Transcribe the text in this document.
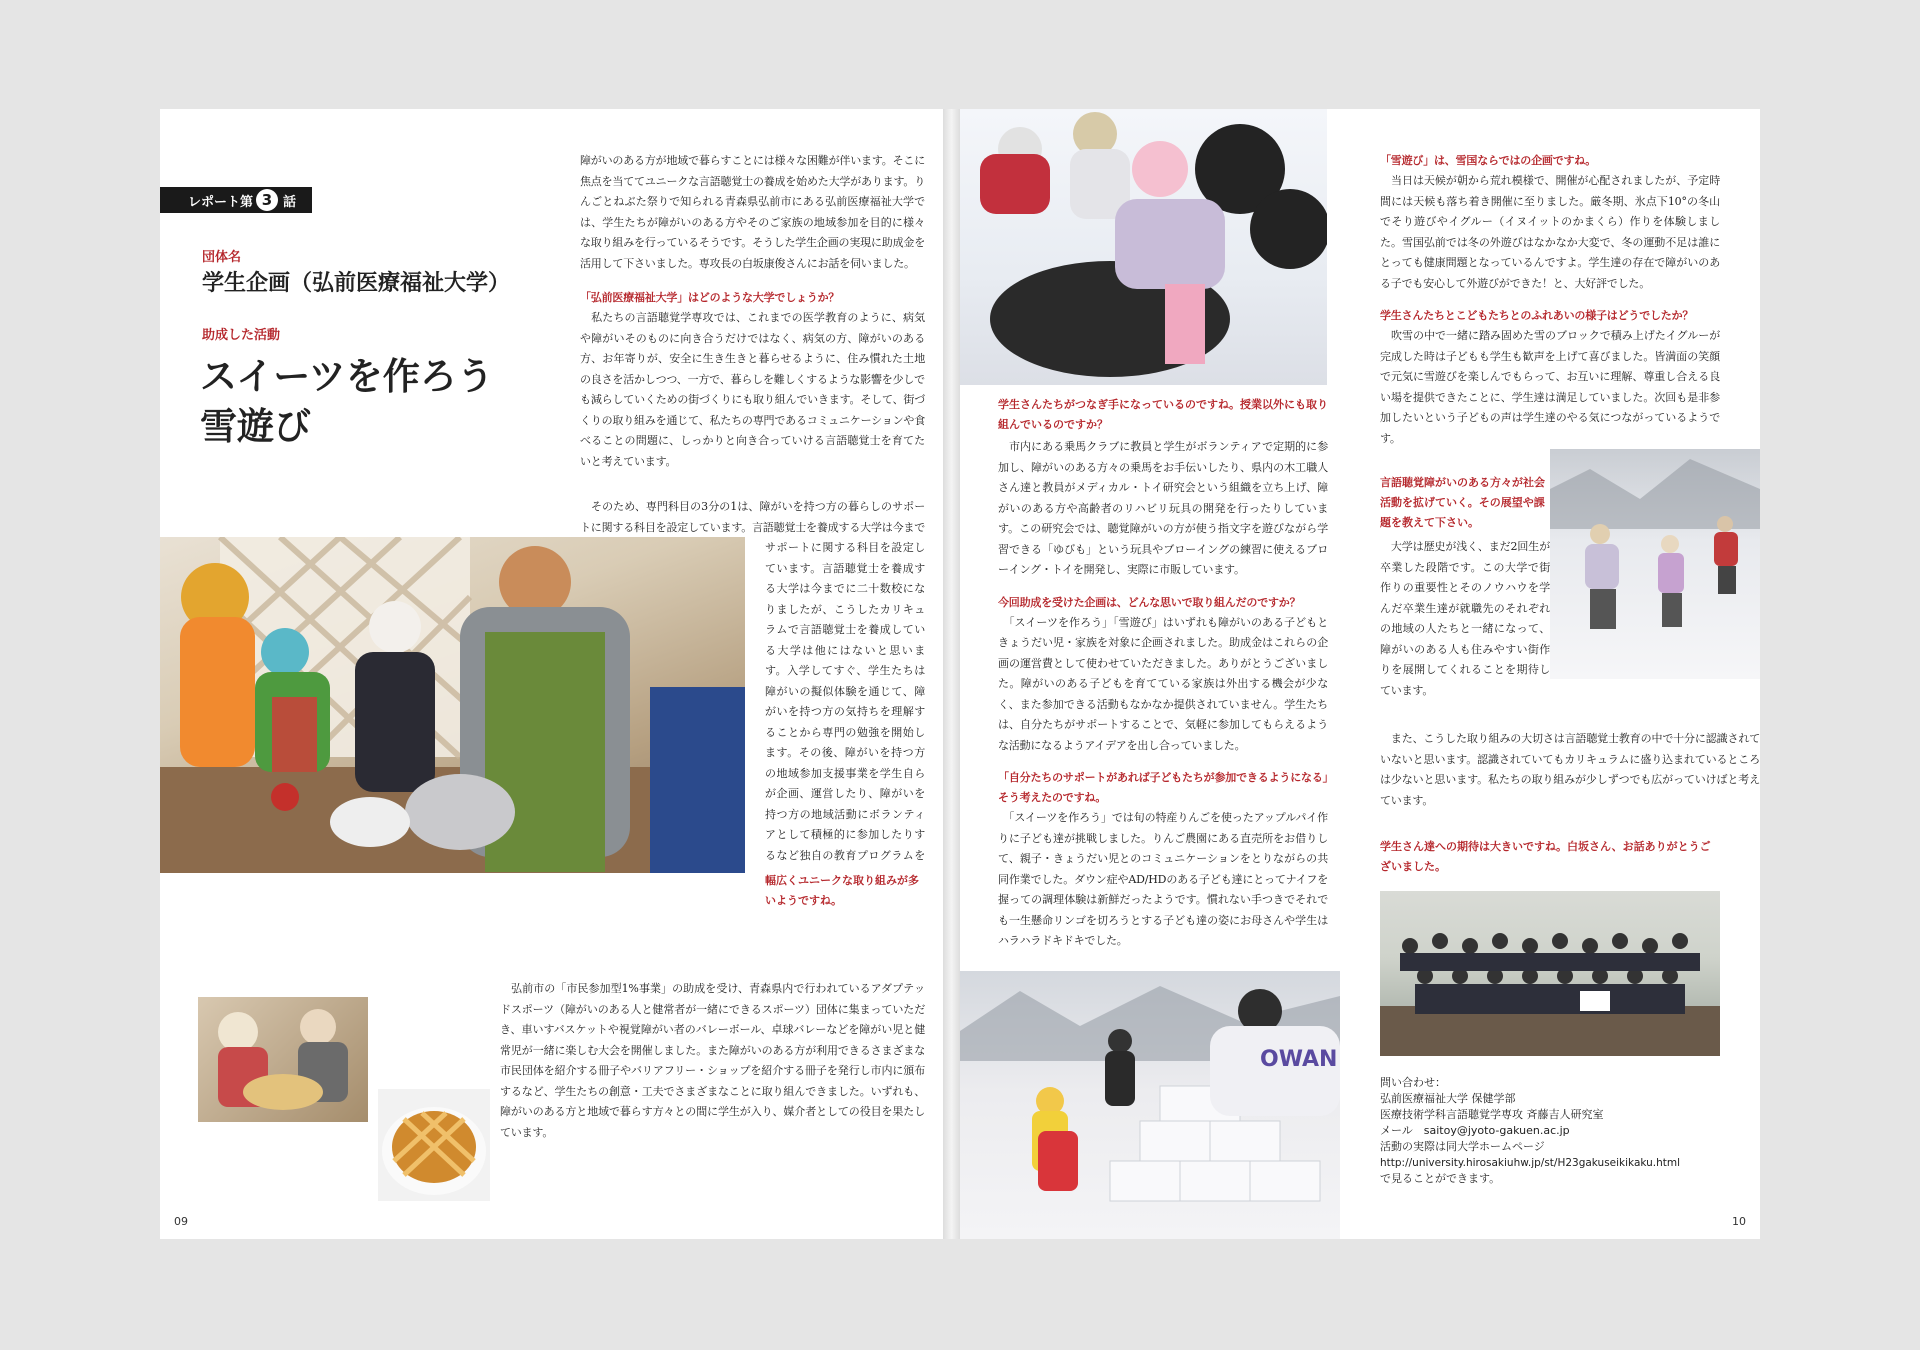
レポート第 3 話
団体名
学生企画（弘前医療福祉大学）
助成した活動
スイーツを作ろう
雪遊び
障がいのある方が地域で暮らすことには様々な困難が伴います。そこに焦点を当ててユニークな言語聴覚士の養成を始めた大学があります。りんごとねぶた祭りで知られる青森県弘前市にある弘前医療福祉大学では、学生たちが障がいのある方やそのご家族の地域参加を目的に様々な取り組みを行っているそうです。そうした学生企画の実現に助成金を活用して下さいました。専攻長の白坂康俊さんにお話を伺いました。
「弘前医療福祉大学」はどのような大学でしょうか？
　私たちの言語聴覚学専攻では、これまでの医学教育のように、病気や障がいそのものに向き合うだけではなく、病気の方、障がいのある方、お年寄りが、安全に生き生きと暮らせるように、住み慣れた土地の良さを活かしつつ、一方で、暮らしを難しくするような影響を少しでも減らしていくための街づくりにも取り組んでいきます。そして、街づくりの取り組みを通じて、私たちの専門であるコミュニケーションや食べることの問題に、しっかりと向き合っていける言語聴覚士を育てたいと考えています。
　そのため、専門科目の3分の1は、障がいを持つ方の暮らしのサポートに関する科目を設定しています。言語聴覚士を養成する大学は今まで
　サポートに関する科目を設定しています。言語聴覚士を養成する大学は今までに二十数校になりましたが、こうしたカリキュラムで言語聴覚士を養成している大学は他にはないと思います。入学してすぐ、学生たちは障がいの擬似体験を通じて、障がいを持つ方の気持ちを理解することから専門の勉強を開始します。その後、障がいを持つ方の地域参加支援事業を学生自らが企画、運営したり、障がいを持つ方の地域活動にボランティアとして積極的に参加したりするなど独自の教育プログラムを
幅広くユニークな取り組みが多いようですね。
　弘前市の「市民参加型1%事業」の助成を受け、青森県内で行われているアダプテッドスポーツ（障がいのある人と健常者が一緒にできるスポーツ）団体に集まっていただき、車いすバスケットや視覚障がい者のバレーボール、卓球バレーなどを障がい児と健常児が一緒に楽しむ大会を開催しました。また障がいのある方が利用できるさまざまな市民団体を紹介する冊子やバリアフリー・ショップを紹介する冊子を発行し市内に頒布するなど、学生たちの創意・工夫でさまざまなことに取り組んできました。いずれも、障がいのある方と地域で暮らす方々との間に学生が入り、媒介者としての役目を果たしています。
09
学生さんたちがつなぎ手になっているのですね。授業以外にも取り組んでいるのですか？
　市内にある乗馬クラブに教員と学生がボランティアで定期的に参加し、障がいのある方々の乗馬をお手伝いしたり、県内の木工職人さん達と教員がメディカル・トイ研究会という組織を立ち上げ、障がいのある方や高齢者のリハビリ玩具の開発を行ったりしています。この研究会では、聴覚障がいの方が使う指文字を遊びながら学習できる「ゆびも」という玩具やブローイングの練習に使えるブローイング・トイを開発し、実際に市販しています。
今回助成を受けた企画は、どんな思いで取り組んだのですか？
　「スイーツを作ろう」「雪遊び」はいずれも障がいのある子どもときょうだい児・家族を対象に企画されました。助成金はこれらの企画の運営費として使わせていただきました。ありがとうございました。障がいのある子どもを育てている家族は外出する機会が少なく、また参加できる活動もなかなか提供されていません。学生たちは、自分たちがサポートすることで、気軽に参加してもらえるような活動になるようアイデアを出し合っていました。
「自分たちのサポートがあれば子どもたちが参加できるようになる」そう考えたのですね。
　「スイーツを作ろう」では旬の特産りんごを使ったアップルパイ作りに子ども達が挑戦しました。りんご農園にある直売所をお借りして、親子・きょうだい児とのコミュニケーションをとりながらの共同作業でした。ダウン症やAD/HDのある子ども達にとってナイフを握っての調理体験は新鮮だったようです。慣れない手つきでそれでも一生懸命リンゴを切ろうとする子ども達の姿にお母さんや学生はハラハラドキドキでした。
OWAN
「雪遊び」は、雪国ならではの企画ですね。
　当日は天候が朝から荒れ模様で、開催が心配されましたが、予定時間には天候も落ち着き開催に至りました。厳冬期、氷点下10°の冬山でそり遊びやイグルー（イヌイットのかまくら）作りを体験しました。雪国弘前では冬の外遊びはなかなか大変で、冬の運動不足は誰にとっても健康問題となっているんですよ。学生達の存在で障がいのある子でも安心して外遊びができた！と、大好評でした。
学生さんたちとこどもたちとのふれあいの様子はどうでしたか？
　吹雪の中で一緒に踏み固めた雪のブロックで積み上げたイグルーが完成した時は子どもも学生も歓声を上げて喜びました。皆満面の笑顔で元気に雪遊びを楽しんでもらって、お互いに理解、尊重し合える良い場を提供できたことに、学生達は満足していました。次回も是非参加したいという子どもの声は学生達のやる気につながっているようです。
言語聴覚障がいのある方々が社会活動を拡げていく。その展望や課題を教えて下さい。
　大学は歴史が浅く、まだ2回生が卒業した段階です。この大学で街作りの重要性とそのノウハウを学んだ卒業生達が就職先のそれぞれの地域の人たちと一緒になって、障がいのある人も住みやすい街作りを展開してくれることを期待しています。
　また、こうした取り組みの大切さは言語聴覚士教育の中で十分に認識されていないと思います。認識されていてもカリキュラムに盛り込まれているところは少ないと思います。私たちの取り組みが少しずつでも広がっていけばと考えています。
学生さん達への期待は大きいですね。白坂さん、お話ありがとうございました。
問い合わせ：
弘前医療福祉大学 保健学部
医療技術学科言語聴覚学専攻 斉藤吉人研究室
メール　saitoy@jyoto-gakuen.ac.jp
活動の実際は同大学ホームページ
http://university.hirosakiuhw.jp/st/H23gakuseikikaku.html
で見ることができます。
10
